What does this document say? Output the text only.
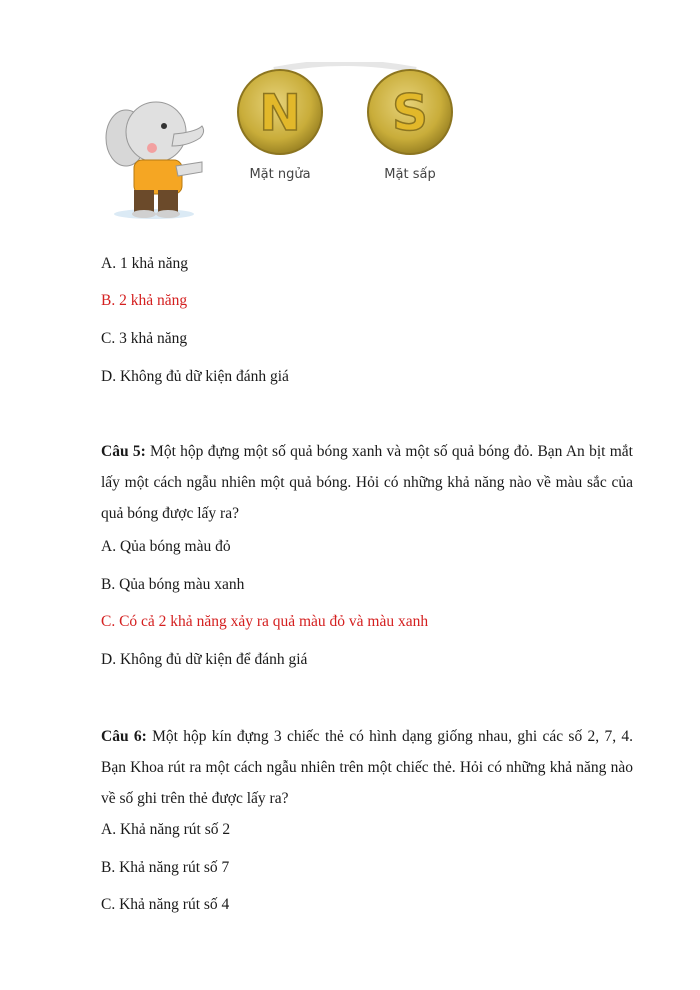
N
Mặt ngửa
S
Mặt sấp
A. 1 khả năng
B. 2 khả năng
C. 3 khả năng
D. Không đủ dữ kiện đánh giá
Câu 5: Một hộp đựng một số quả bóng xanh và một số quả bóng đỏ. Bạn An bịt mắt lấy một cách ngẫu nhiên một quả bóng. Hỏi có những khả năng nào về màu sắc của quả bóng được lấy ra?
A. Qủa bóng màu đỏ
B. Qủa bóng màu xanh
C. Có cả 2 khả năng xảy ra quả màu đỏ và màu xanh
D. Không đủ dữ kiện để đánh giá
Câu 6: Một hộp kín đựng 3 chiếc thẻ có hình dạng giống nhau, ghi các số 2, 7, 4. Bạn Khoa rút ra một cách ngẫu nhiên trên một chiếc thẻ. Hỏi có những khả năng nào về số ghi trên thẻ được lấy ra?
A. Khả năng rút số 2
B. Khả năng rút số 7
C. Khả năng rút số 4
